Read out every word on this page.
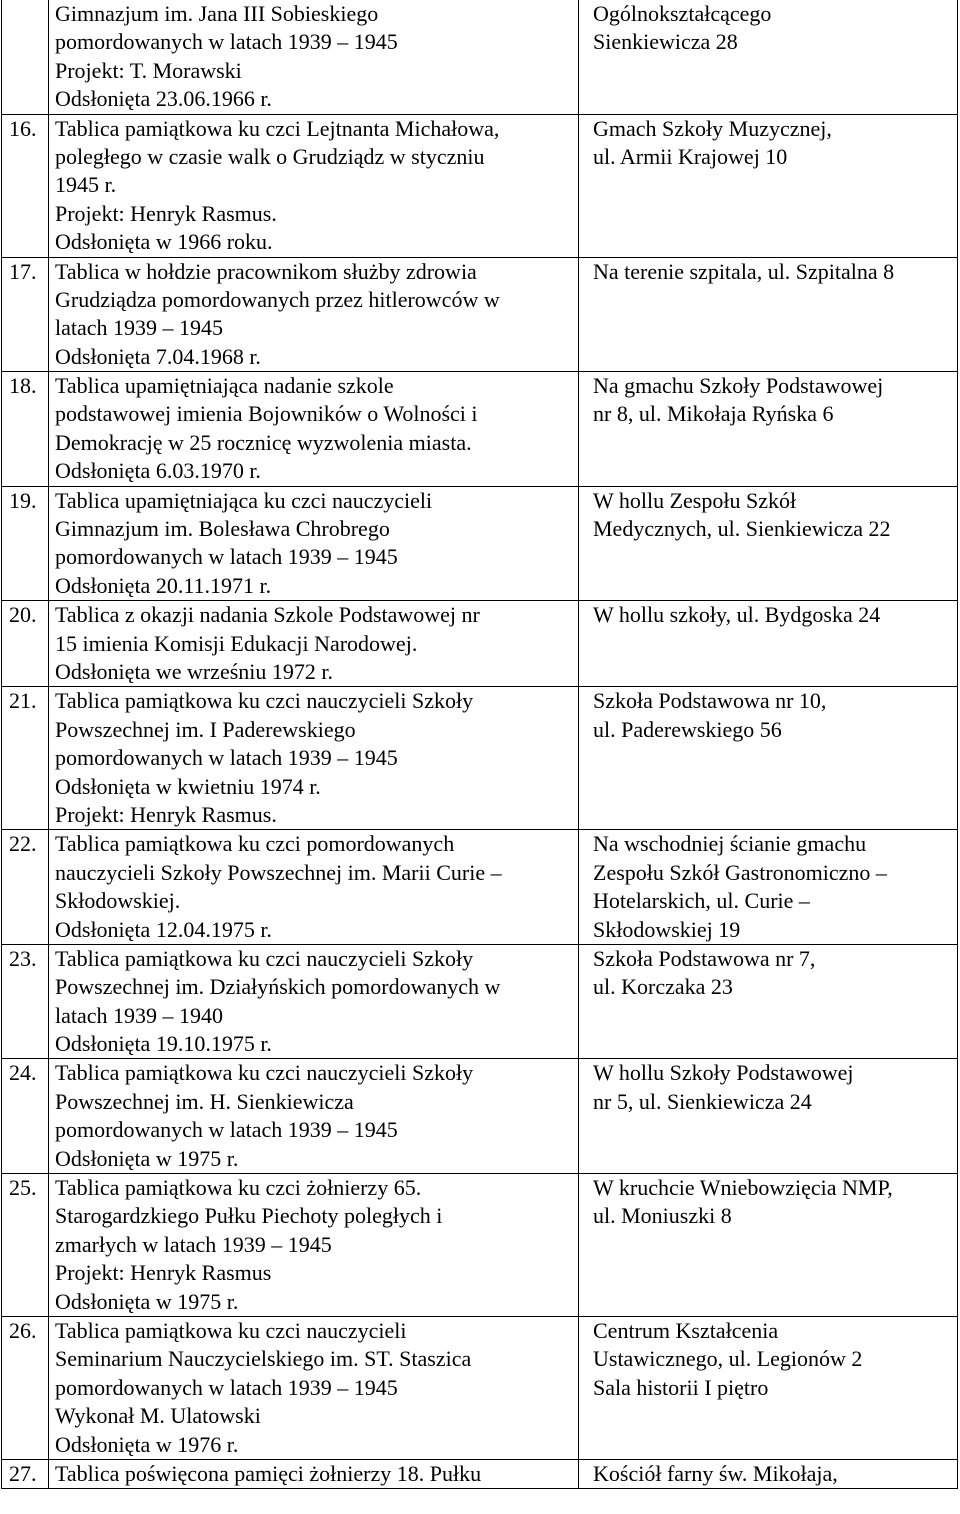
	Gimnazjum im. Jana III Sobieskiego
pomordowanych w latach 1939 – 1945
Projekt: T. Morawski
Odsłonięta 23.06.1966 r.	Ogólnokształcącego
Sienkiewicza 28

16.	Tablica pamiątkowa ku czci Lejtnanta Michałowa,
poległego w czasie walk o Grudziądz w styczniu
1945 r.
Projekt: Henryk Rasmus.
Odsłonięta w 1966 roku.	Gmach Szkoły Muzycznej,
ul. Armii Krajowej 10

17.	Tablica w hołdzie pracownikom służby zdrowia
Grudziądza pomordowanych przez hitlerowców w
latach 1939 – 1945
Odsłonięta 7.04.1968 r.	Na terenie szpitala, ul. Szpitalna 8

18.	Tablica upamiętniająca nadanie szkole
podstawowej imienia Bojowników o Wolności i
Demokrację w 25 rocznicę wyzwolenia miasta.
Odsłonięta 6.03.1970 r.	Na gmachu Szkoły Podstawowej
nr 8, ul. Mikołaja Ryńska 6

19.	Tablica upamiętniająca ku czci nauczycieli
Gimnazjum im. Bolesława Chrobrego
pomordowanych w latach 1939 – 1945
Odsłonięta 20.11.1971 r.	W hollu Zespołu Szkół
Medycznych, ul. Sienkiewicza 22

20.	Tablica z okazji nadania Szkole Podstawowej nr
15 imienia Komisji Edukacji Narodowej.
Odsłonięta we wrześniu 1972 r.	W hollu szkoły, ul. Bydgoska 24

21.	Tablica pamiątkowa ku czci nauczycieli Szkoły
Powszechnej im. I Paderewskiego
pomordowanych w latach 1939 – 1945
Odsłonięta w kwietniu 1974 r.
Projekt: Henryk Rasmus.	Szkoła Podstawowa nr 10,
ul. Paderewskiego 56

22.	Tablica pamiątkowa ku czci pomordowanych
nauczycieli Szkoły Powszechnej im. Marii Curie –
Skłodowskiej.
Odsłonięta 12.04.1975 r.	Na wschodniej ścianie gmachu
Zespołu Szkół Gastronomiczno –
Hotelarskich, ul. Curie –
Skłodowskiej 19

23.	Tablica pamiątkowa ku czci nauczycieli Szkoły
Powszechnej im. Działyńskich pomordowanych w
latach 1939 – 1940
Odsłonięta 19.10.1975 r.	Szkoła Podstawowa nr 7,
ul. Korczaka 23

24.	Tablica pamiątkowa ku czci nauczycieli Szkoły
Powszechnej im. H. Sienkiewicza
pomordowanych w latach 1939 – 1945
Odsłonięta w 1975 r.	W hollu Szkoły Podstawowej
nr 5, ul. Sienkiewicza 24

25.	Tablica pamiątkowa ku czci żołnierzy 65.
Starogardzkiego Pułku Piechoty poległych i
zmarłych w latach 1939 – 1945
Projekt: Henryk Rasmus
Odsłonięta w 1975 r.	W kruchcie Wniebowzięcia NMP,
ul. Moniuszki 8

26.	Tablica pamiątkowa ku czci nauczycieli
Seminarium Nauczycielskiego im. ST. Staszica
pomordowanych w latach 1939 – 1945
Wykonał M. Ulatowski
Odsłonięta w 1976 r.	Centrum Kształcenia
Ustawicznego, ul. Legionów 2
Sala historii I piętro

27.	Tablica poświęcona pamięci żołnierzy 18. Pułku	Kościół farny św. Mikołaja,
